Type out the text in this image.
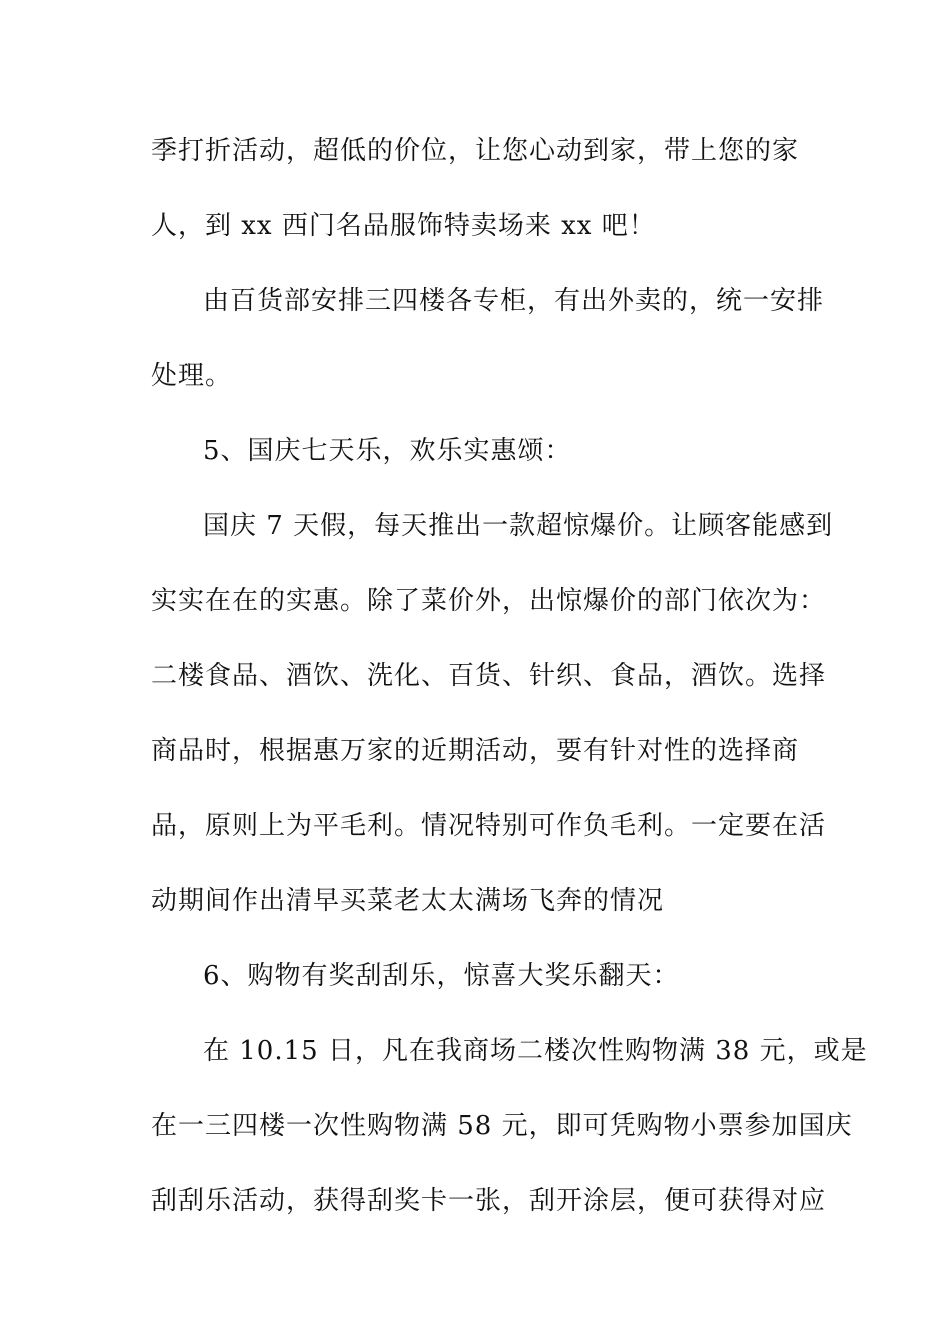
季打折活动，超低的价位，让您心动到家，带上您的家
人，到 xx 西门名品服饰特卖场来 xx 吧！
由百货部安排三四楼各专柜，有出外卖的，统一安排
处理。
5、国庆七天乐，欢乐实惠颂：
国庆 7 天假，每天推出一款超惊爆价。让顾客能感到
实实在在的实惠。除了菜价外，出惊爆价的部门依次为：
二楼食品、酒饮、洗化、百货、针织、食品，酒饮。选择
商品时，根据惠万家的近期活动，要有针对性的选择商
品，原则上为平毛利。情况特别可作负毛利。一定要在活
动期间作出清早买菜老太太满场飞奔的情况
6、购物有奖刮刮乐，惊喜大奖乐翻天：
在 10.15 日，凡在我商场二楼次性购物满 38 元，或是
在一三四楼一次性购物满 58 元，即可凭购物小票参加国庆
刮刮乐活动，获得刮奖卡一张，刮开涂层，便可获得对应
